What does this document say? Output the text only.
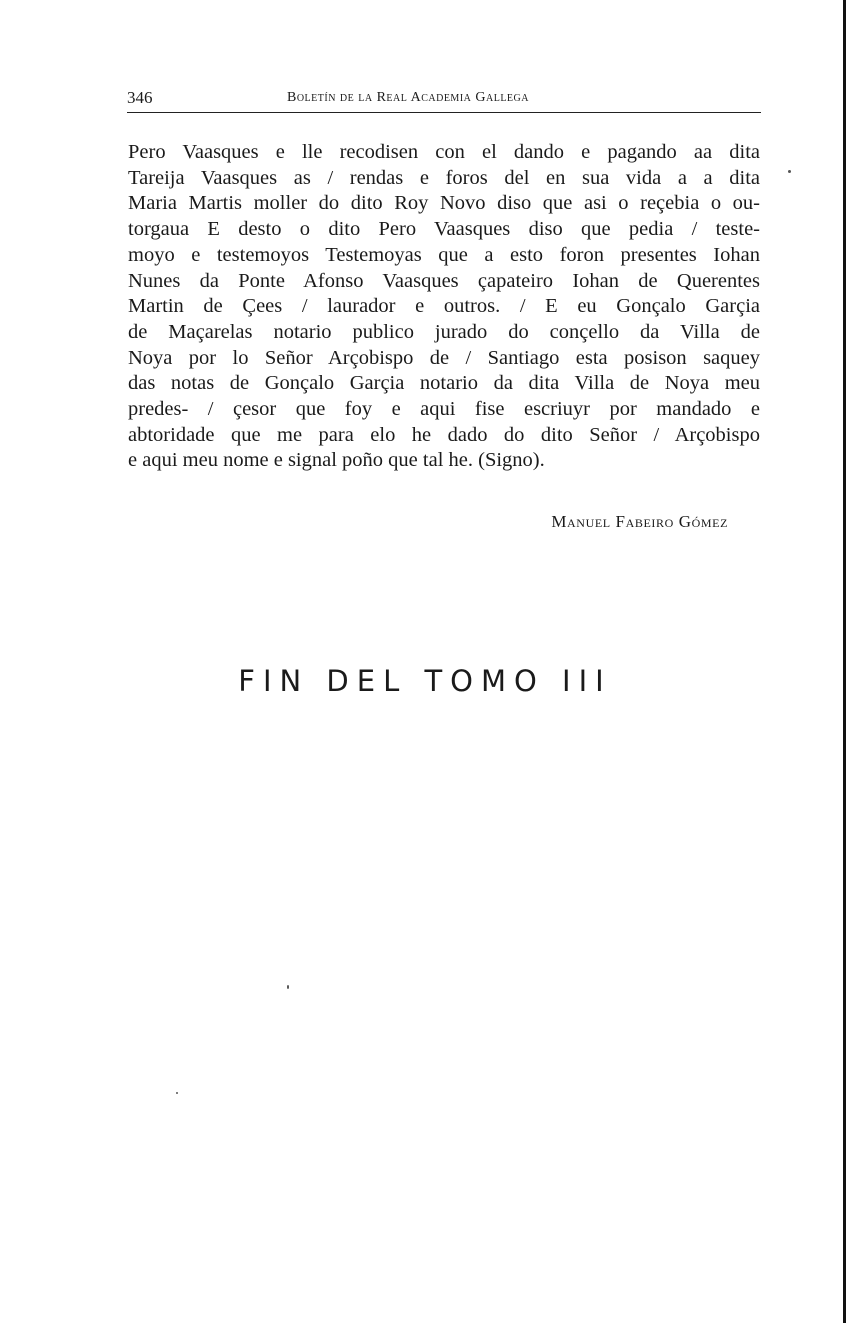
346	Boletín de la Real Academia Gallega
Pero Vaasques e lle recodisen con el dando e pagando aa dita
Tareija Vaasques as / rendas e foros del en sua vida a a dita
Maria Martis moller do dito Roy Novo diso que asi o reçebia o ou-
torgaua E desto o dito Pero Vaasques diso que pedia / teste-
moyo e testemoyos Testemoyas que a esto foron presentes Iohan
Nunes da Ponte Afonso Vaasques çapateiro Iohan de Querentes
Martin de Çees / laurador e outros. / E eu Gonçalo Garçia
de Maçarelas notario publico jurado do conçello da Villa de
Noya por lo Señor Arçobispo de / Santiago esta posison saquey
das notas de Gonçalo Garçia notario da dita Villa de Noya meu
predes- / çesor que foy e aqui fise escriuyr por mandado e
abtoridade que me para elo he dado do dito Señor / Arçobispo
e aqui meu nome e signal poño que tal he. (Signo).
Manuel Fabeiro Gómez
FIN DEL TOMO III
